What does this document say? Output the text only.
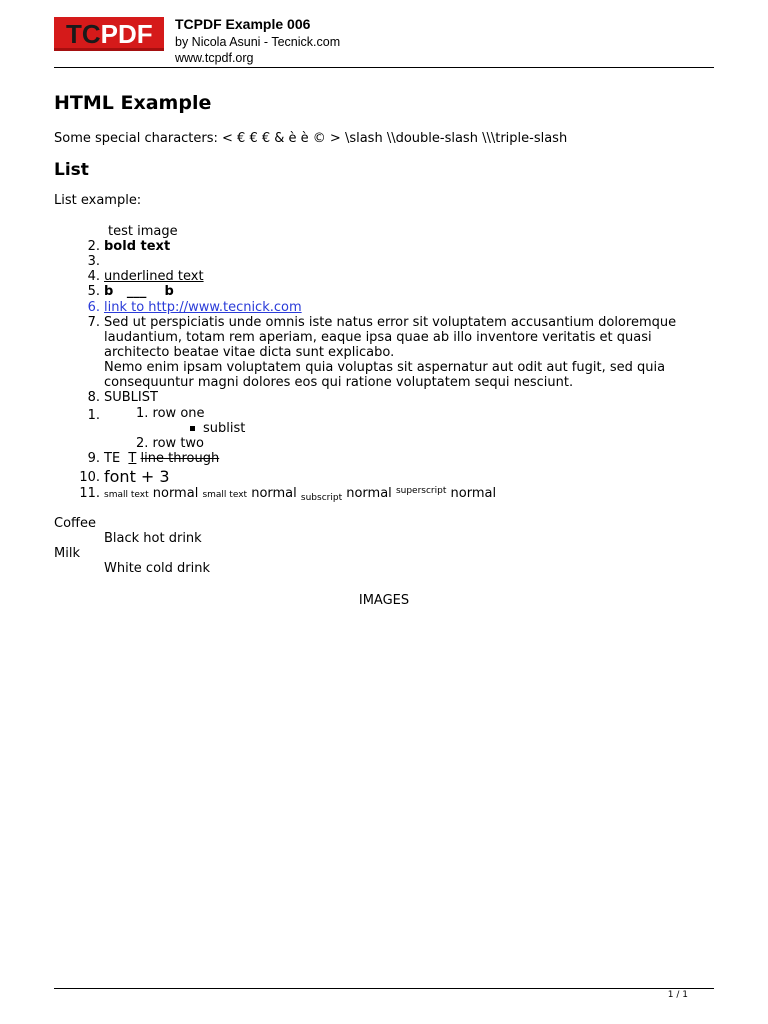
TCPDF	TCPDF Example 006
by Nicola Asuni - Tecnick.com
www.tcpdf.org
HTML Example
Some special characters: < € € € & è è © > \slash \\double-slash \\\triple-slash
List
List example:
test image
2. bold text
3.
4. underlined text
5. b ___ b
6. link to http://www.tecnick.com
7. Sed ut perspiciatis unde omnis iste natus error sit voluptatem accusantium doloremque laudantium, totam rem aperiam, eaque ipsa quae ab illo inventore veritatis et quasi architecto beatae vitae dicta sunt explicabo.
Nemo enim ipsam voluptatem quia voluptas sit aspernatur aut odit aut fugit, sed quia consequuntur magni dolores eos qui ratione voluptatem sequi nesciunt.
8. SUBLIST
1.	1. row one
sublist
2. row two
9. TE T line through
10. font + 3
11. small text normal small text normal $_{subscript}$ normal $^{superscript}$ normal
Coffee
Black hot drink
Milk
White cold drink
IMAGES
1 / 1
